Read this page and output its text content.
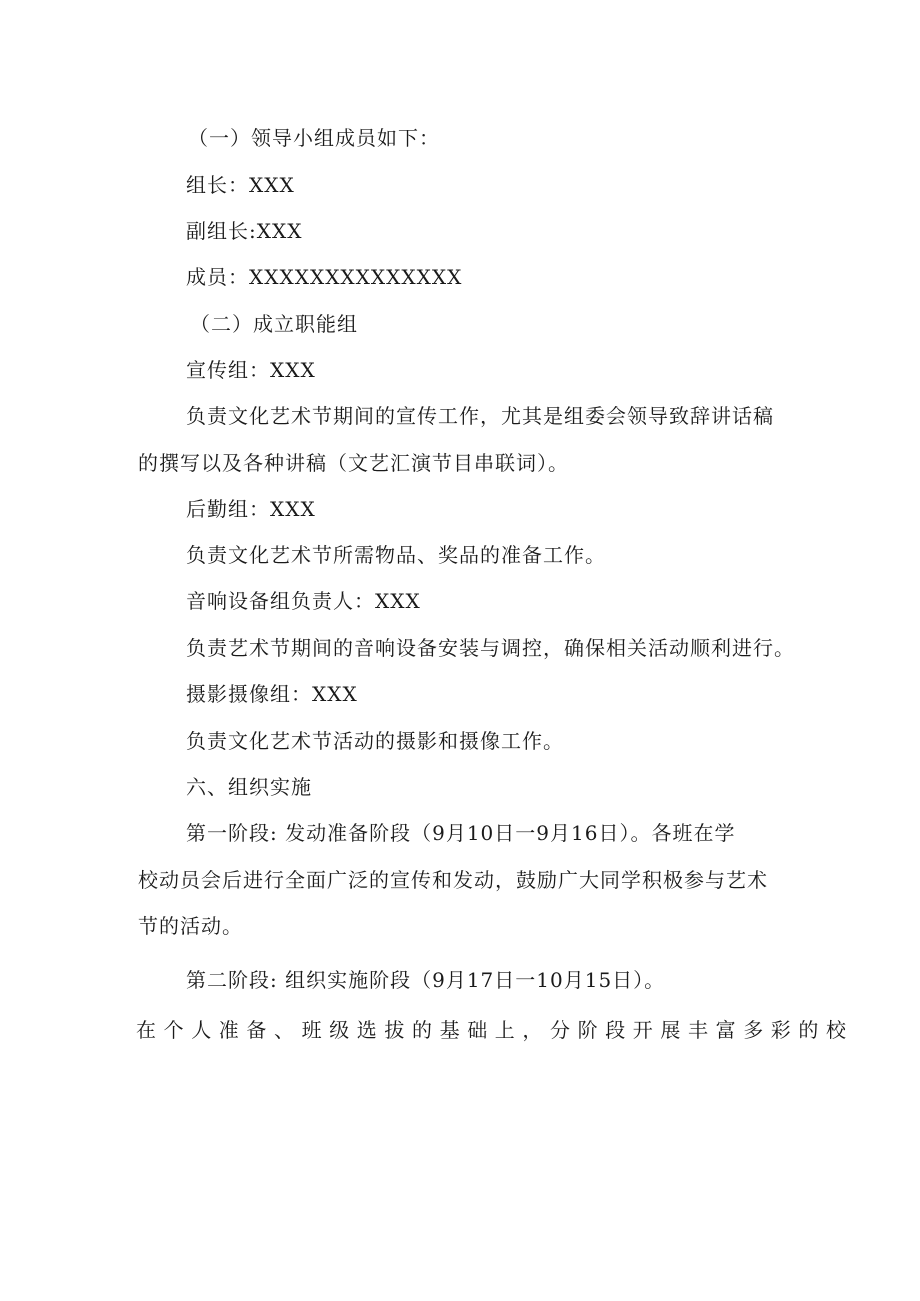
（一）领导小组成员如下：
组长：XXX
副组长:XXX
成员：XXXXXXXXXXXXXX
（二）成立职能组
宣传组：XXX
负责文化艺术节期间的宣传工作，尤其是组委会领导致辞讲话稿
的撰写以及各种讲稿（文艺汇演节目串联词）。
后勤组：XXX
负责文化艺术节所需物品、奖品的准备工作。
音响设备组负责人：XXX
负责艺术节期间的音响设备安装与调控，确保相关活动顺利进行。
摄影摄像组：XXX
负责文化艺术节活动的摄影和摄像工作。
六、组织实施
第一阶段: 发动准备阶段（9月10日一9月16日）。各班在学
校动员会后进行全面广泛的宣传和发动，鼓励广大同学积极参与艺术
节的活动。
第二阶段: 组织实施阶段（9月17日一10月15日）。
在个人准备、班级选拔的基础上，分阶段开展丰富多彩的校
